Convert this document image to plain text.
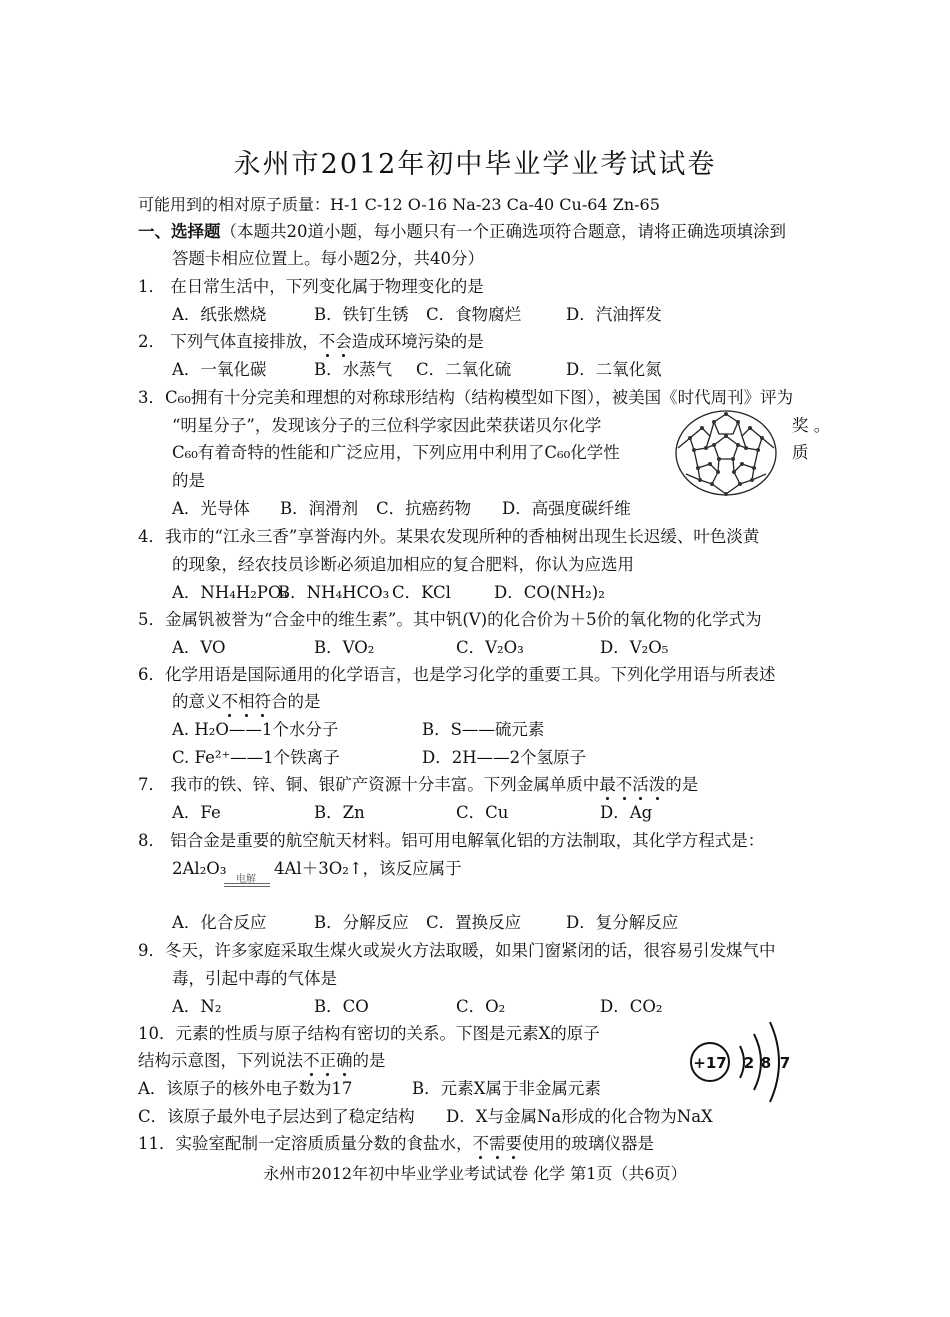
永州市2012年初中毕业学业考试试卷
可能用到的相对原子质量：H-1 C-12 O-16 Na-23 Ca-40 Cu-64 Zn-65
一、选择题（本题共20道小题，每小题只有一个正确选项符合题意，请将正确选项填涂到
答题卡相应位置上。每小题2分，共40分）
1． 在日常生活中，下列变化属于物理变化的是
A．纸张燃烧	B．铁钉生锈 C．食物腐烂	D．汽油挥发
2． 下列气体直接排放，不会造成环境污染的是
A．一氧化碳	B．水蒸气 C．二氧化硫	D．二氧化氮
3．C₆₀拥有十分完美和理想的对称球形结构（结构模型如下图），被美国《时代周刊》评为
“明星分子”，发现该分子的三位科学家因此荣获诺贝尔化学	奖 。
C₆₀有着奇特的性能和广泛应用，下列应用中利用了C₆₀化学性	质
的是
A．光导体 B．润滑剂 C．抗癌药物 D．高强度碳纤维
4．我市的“江永三香”享誉海内外。某果农发现所种的香柚树出现生长迟缓、叶色淡黄
的现象，经农技员诊断必须追加相应的复合肥料，你认为应选用
A．NH₄H₂PO₄
B．NH₄HCO₃ C．KCl	D．CO(NH₂)₂
5．金属钒被誉为“合金中的维生素”。其中钒(V)的化合价为＋5价的氧化物的化学式为
A．VO	B．VO₂	C．V₂O₃	D．V₂O₅
6．化学用语是国际通用的化学语言，也是学习化学的重要工具。下列化学用语与所表述
的意义不相符合的是
A. H₂O——1个水分子	B．S——硫元素
C. Fe²⁺——1个铁离子	D．2H——2个氢原子
7． 我市的铁、锌、铜、银矿产资源十分丰富。下列金属单质中最不活泼的是
A．Fe	B．Zn	C．Cu	D．Ag
8． 铝合金是重要的航空航天材料。铝可用电解氧化铝的方法制取，其化学方程式是：
2Al₂O₃
电解
4Al＋3O₂↑，该反应属于
A．化合反应	B．分解反应 C．置换反应	D．复分解反应
9．冬天，许多家庭采取生煤火或炭火方法取暖，如果门窗紧闭的话，很容易引发煤气中
毒，引起中毒的气体是
A．N₂	B．CO	C．O₂	D．CO₂
10．元素的性质与原子结构有密切的关系。下图是元素X的原子
结构示意图，下列说法不正确的是	+17 2 8 7
A．该原子的核外电子数为17	B．元素X属于非金属元素
C．该原子最外电子层达到了稳定结构 D．X与金属Na形成的化合物为NaX
11．实验室配制一定溶质质量分数的食盐水，不需要使用的玻璃仪器是
永州市2012年初中毕业学业考试试卷 化学 第1页（共6页）
